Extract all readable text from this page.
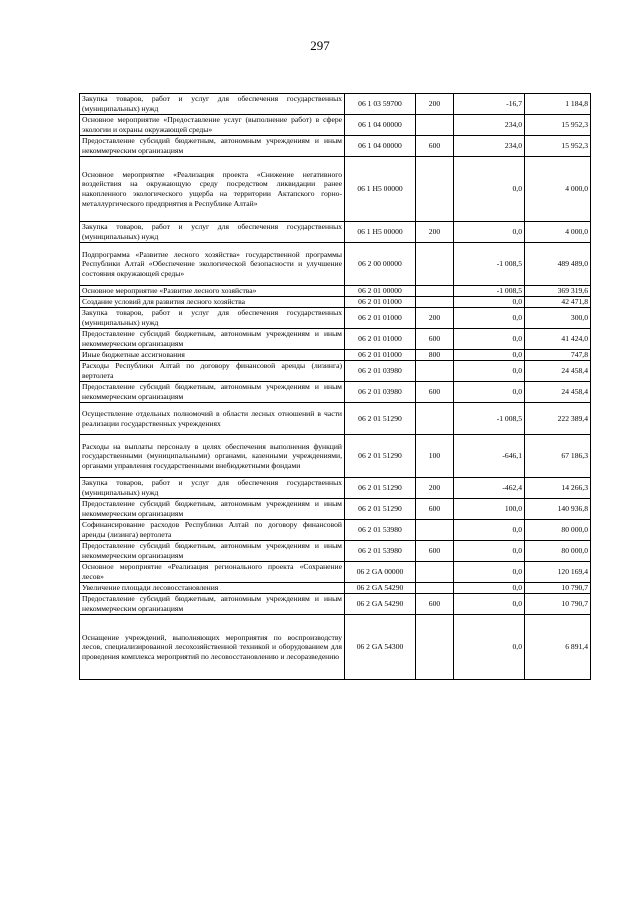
297
Закупка товаров, работ и услуг для обеспечения государственных (муниципальных) нужд	06 1 03 59700	200	-16,7	1 184,8
Основное мероприятие «Предоставление услуг (выполнение работ) в сфере экологии и охраны окружающей среды»	06 1 04 00000		234,0	15 952,3
Предоставление субсидий бюджетным, автономным учреждениям и иным некоммерческим организациям	06 1 04 00000	600	234,0	15 952,3
Основное мероприятие «Реализация проекта «Снижение негативного воздействия на окружающую среду посредством ликвидации ранее накопленного экологического ущерба на территории Актапского горно-металлургического предприятия в Республике Алтай»	06 1 Н5 00000		0,0	4 000,0
Закупка товаров, работ и услуг для обеспечения государственных (муниципальных) нужд	06 1 Н5 00000	200	0,0	4 000,0
Подпрограмма «Развитие лесного хозяйства» государственной программы Республики Алтай «Обеспечение экологической безопасности и улучшение состояния окружающей среды»	06 2 00 00000		-1 008,5	489 489,0
Основное мероприятие «Развитие лесного хозяйства»	06 2 01 00000		-1 008,5	369 319,6
Создание условий для развития лесного хозяйства	06 2 01 01000		0,0	42 471,8
Закупка товаров, работ и услуг для обеспечения государственных (муниципальных) нужд	06 2 01 01000	200	0,0	300,0
Предоставление субсидий бюджетным, автономным учреждениям и иным некоммерческим организациям	06 2 01 01000	600	0,0	41 424,0
Иные бюджетные ассигнования	06 2 01 01000	800	0,0	747,8
Расходы Республики Алтай по договору финансовой аренды (лизинга) вертолета	06 2 01 03980		0,0	24 458,4
Предоставление субсидий бюджетным, автономным учреждениям и иным некоммерческим организациям	06 2 01 03980	600	0,0	24 458,4
Осуществление отдельных полномочий в области лесных отношений в части реализации государственных учреждениях	06 2 01 51290		-1 008,5	222 389,4
Расходы на выплаты персоналу в целях обеспечения выполнения функций государственными (муниципальными) органами, казенными учреждениями, органами управления государственными внебюджетными фондами	06 2 01 51290	100	-646,1	67 186,3
Закупка товаров, работ и услуг для обеспечения государственных (муниципальных) нужд	06 2 01 51290	200	-462,4	14 266,3
Предоставление субсидий бюджетным, автономным учреждениям и иным некоммерческим организациям	06 2 01 51290	600	100,0	140 936,8
Софинансирование расходов Республики Алтай по договору финансовой аренды (лизинга) вертолета	06 2 01 53980		0,0	80 000,0
Предоставление субсидий бюджетным, автономным учреждениям и иным некоммерческим организациям	06 2 01 53980	600	0,0	80 000,0
Основное мероприятие «Реализация регионального проекта «Сохранение лесов»	06 2 GA 00000		0,0	120 169,4
Увеличение площади лесовосстановления	06 2 GA 54290		0,0	10 790,7
Предоставление субсидий бюджетным, автономным учреждениям и иным некоммерческим организациям	06 2 GA 54290	600	0,0	10 790,7
Оснащение учреждений, выполняющих мероприятия по воспроизводству лесов, специализированной лесохозяйственной техникой и оборудованием для проведения комплекса мероприятий по лесовосстановлению и лесоразведению	06 2 GA 54300		0,0	6 891,4
